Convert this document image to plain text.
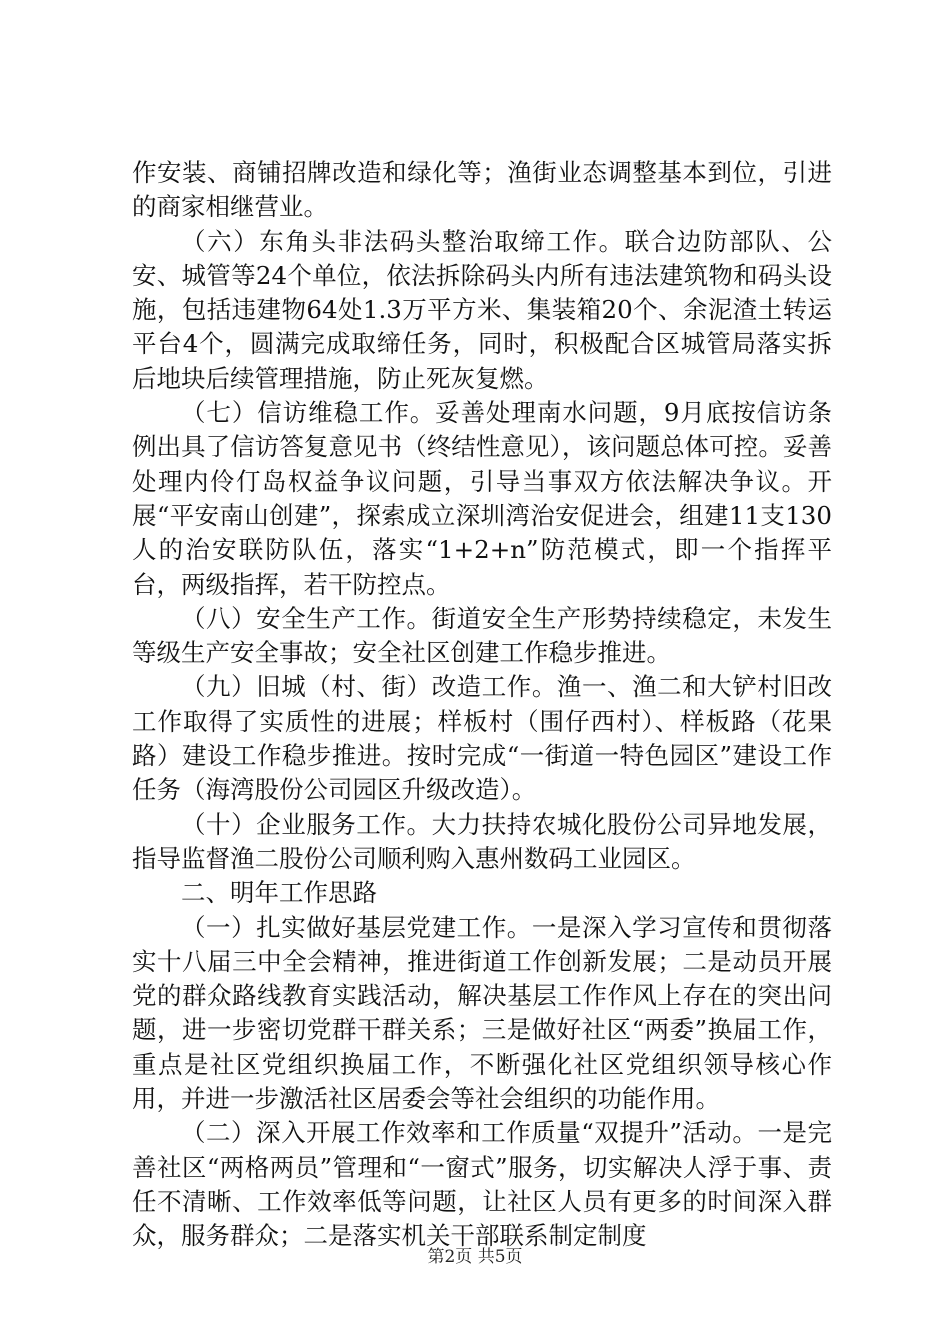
作安装、商铺招牌改造和绿化等；渔街业态调整基本到位，引进的商家相继营业。

（六）东角头非法码头整治取缔工作。联合边防部队、公安、城管等24个单位，依法拆除码头内所有违法建筑物和码头设施，包括违建物64处1.3万平方米、集装箱20个、余泥渣土转运平台4个，圆满完成取缔任务，同时，积极配合区城管局落实拆后地块后续管理措施，防止死灰复燃。

（七）信访维稳工作。妥善处理南水问题，9月底按信访条例出具了信访答复意见书（终结性意见），该问题总体可控。妥善处理内伶仃岛权益争议问题，引导当事双方依法解决争议。开展“平安南山创建”，探索成立深圳湾治安促进会，组建11支130人的治安联防队伍，落实“1+2+n”防范模式，即一个指挥平台，两级指挥，若干防控点。

（八）安全生产工作。街道安全生产形势持续稳定，未发生等级生产安全事故；安全社区创建工作稳步推进。

（九）旧城（村、街）改造工作。渔一、渔二和大铲村旧改工作取得了实质性的进展；样板村（围仔西村）、样板路（花果路）建设工作稳步推进。按时完成“一街道一特色园区”建设工作任务（海湾股份公司园区升级改造）。

（十）企业服务工作。大力扶持农城化股份公司异地发展，指导监督渔二股份公司顺利购入惠州数码工业园区。

二、明年工作思路

（一）扎实做好基层党建工作。一是深入学习宣传和贯彻落实十八届三中全会精神，推进街道工作创新发展；二是动员开展党的群众路线教育实践活动，解决基层工作作风上存在的突出问题，进一步密切党群干群关系；三是做好社区“两委”换届工作，重点是社区党组织换届工作，不断强化社区党组织领导核心作用，并进一步激活社区居委会等社会组织的功能作用。

（二）深入开展工作效率和工作质量“双提升”活动。一是完善社区“两格两员”管理和“一窗式”服务，切实解决人浮于事、责任不清晰、工作效率低等问题，让社区人员有更多的时间深入群众，服务群众；二是落实机关干部联系制定制度

第2页 共5页
